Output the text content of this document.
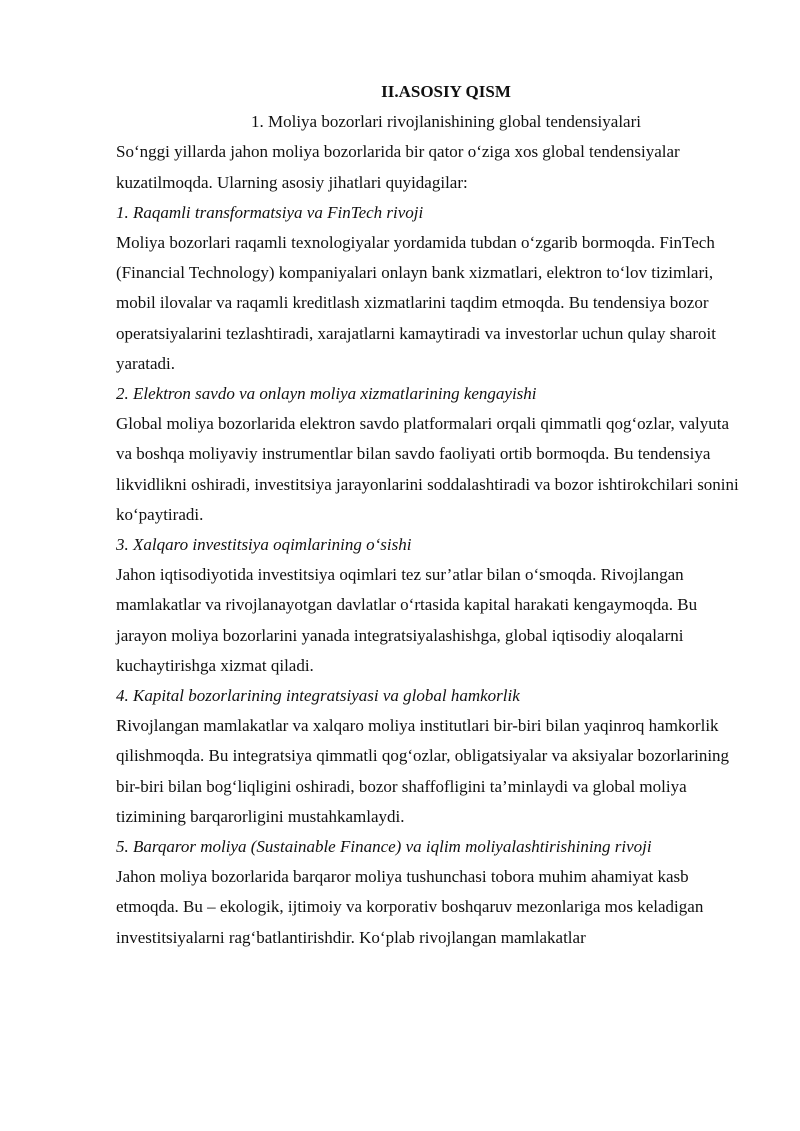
II.ASOSIY QISM

1. Moliya bozorlari rivojlanishining global tendensiyalari

So‘nggi yillarda jahon moliya bozorlarida bir qator o‘ziga xos global tendensiyalar kuzatilmoqda. Ularning asosiy jihatlari quyidagilar:

1. Raqamli transformatsiya va FinTech rivoji

Moliya bozorlari raqamli texnologiyalar yordamida tubdan o‘zgarib bormoqda. FinTech (Financial Technology) kompaniyalari onlayn bank xizmatlari, elektron to‘lov tizimlari, mobil ilovalar va raqamli kreditlash xizmatlarini taqdim etmoqda. Bu tendensiya bozor operatsiyalarini tezlashtiradi, xarajatlarni kamaytiradi va investorlar uchun qulay sharoit yaratadi.

2. Elektron savdo va onlayn moliya xizmatlarining kengayishi

Global moliya bozorlarida elektron savdo platformalari orqali qimmatli qog‘ozlar, valyuta va boshqa moliyaviy instrumentlar bilan savdo faoliyati ortib bormoqda. Bu tendensiya likvidlikni oshiradi, investitsiya jarayonlarini soddalashtiradi va bozor ishtirokchilari sonini ko‘paytiradi.

3. Xalqaro investitsiya oqimlarining o‘sishi

Jahon iqtisodiyotida investitsiya oqimlari tez sur’atlar bilan o‘smoqda. Rivojlangan mamlakatlar va rivojlanayotgan davlatlar o‘rtasida kapital harakati kengaymoqda. Bu jarayon moliya bozorlarini yanada integratsiyalashishga, global iqtisodiy aloqalarni kuchaytirishga xizmat qiladi.

4. Kapital bozorlarining integratsiyasi va global hamkorlik

Rivojlangan mamlakatlar va xalqaro moliya institutlari bir-biri bilan yaqinroq hamkorlik qilishmoqda. Bu integratsiya qimmatli qog‘ozlar, obligatsiyalar va aksiyalar bozorlarining bir-biri bilan bog‘liqligini oshiradi, bozor shaffofligini ta’minlaydi va global moliya tizimining barqarorligini mustahkamlaydi.

5. Barqaror moliya (Sustainable Finance) va iqlim moliyalashtirishining rivoji

Jahon moliya bozorlarida barqaror moliya tushunchasi tobora muhim ahamiyat kasb etmoqda. Bu – ekologik, ijtimoiy va korporativ boshqaruv mezonlariga mos keladigan investitsiyalarni rag‘batlantirishdir. Ko‘plab rivojlangan mamlakatlar
